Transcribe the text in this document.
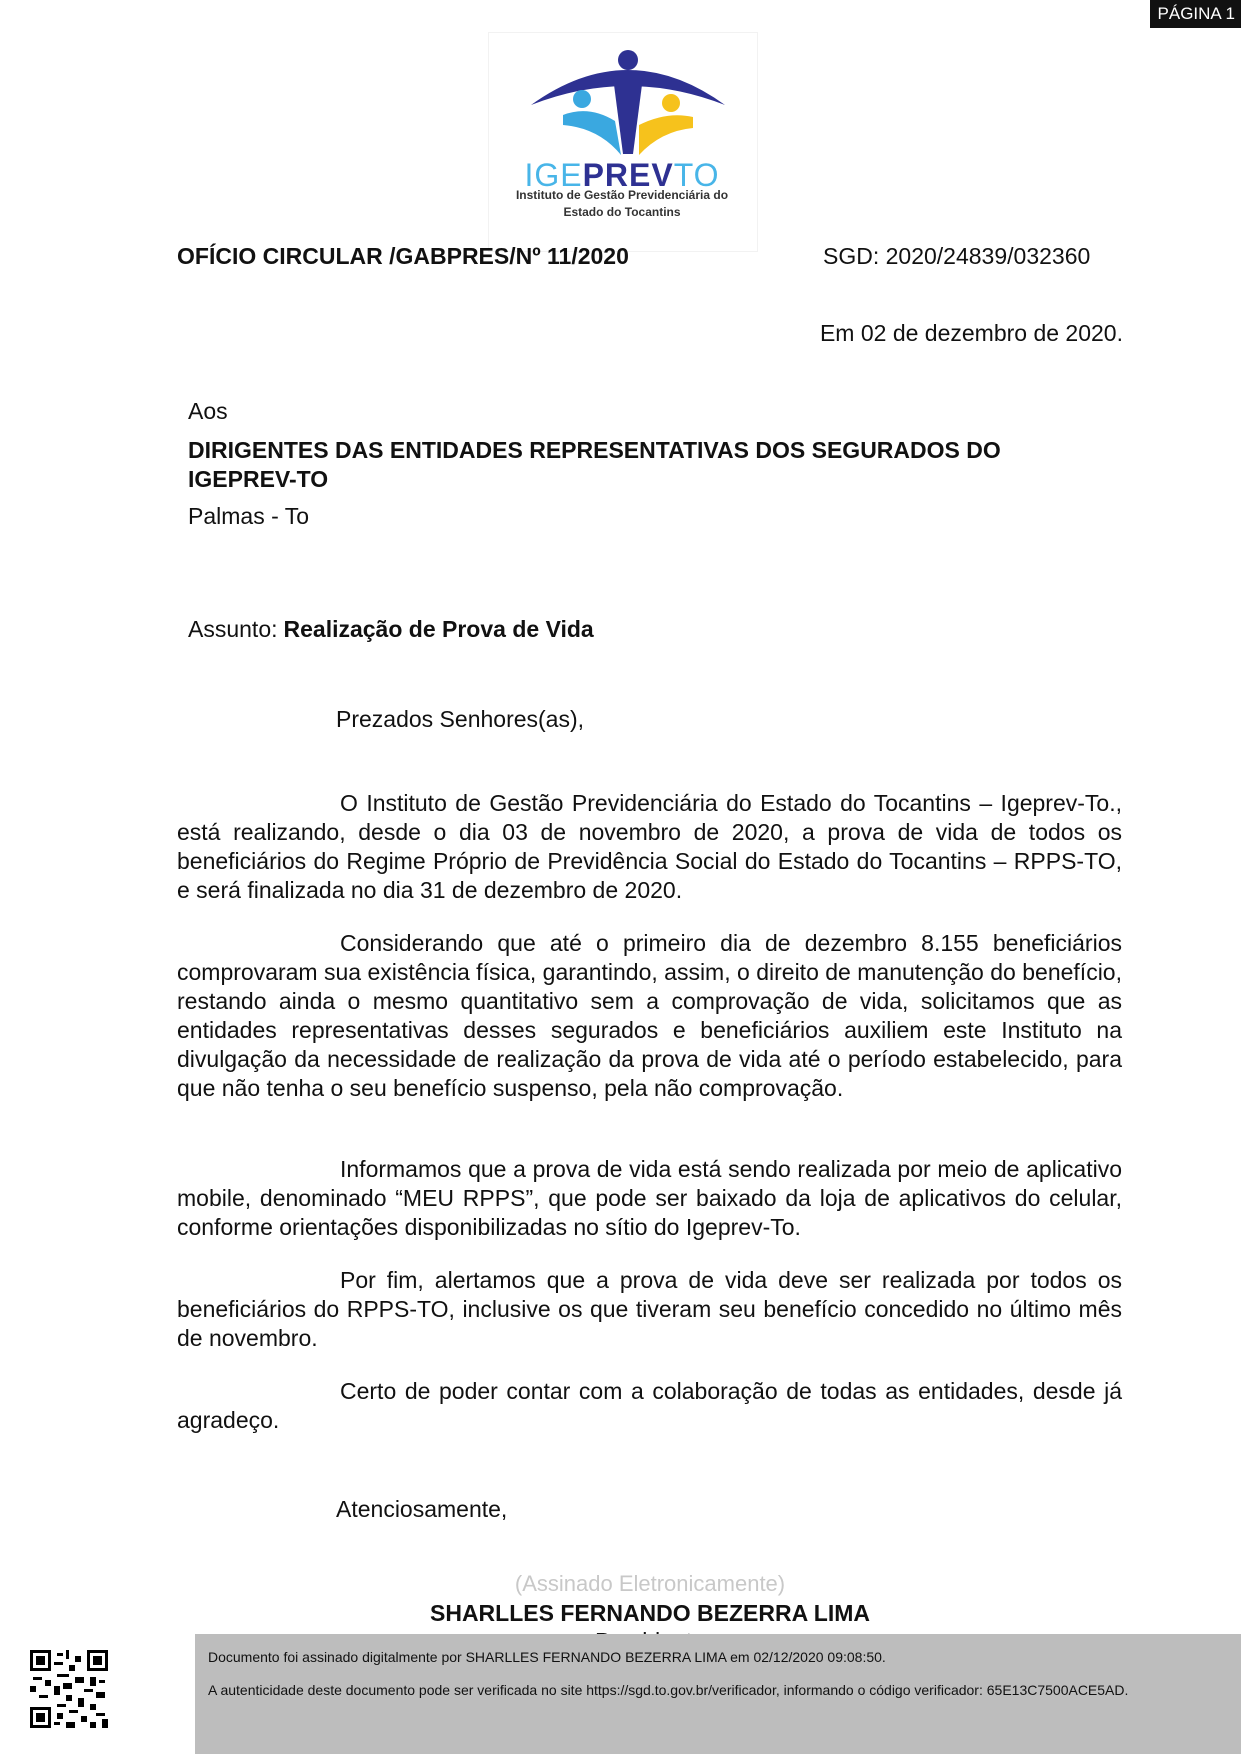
PÁGINA 1
IGEPREVTO
Instituto de Gestão Previdenciária do
Estado do Tocantins
OFÍCIO CIRCULAR /GABPRES/Nº 11/2020	SGD: 2020/24839/032360
Em 02 de dezembro de 2020.
Aos
DIRIGENTES DAS ENTIDADES REPRESENTATIVAS DOS SEGURADOS DO IGEPREV-TO
Palmas - To
Assunto: Realização de Prova de Vida
Prezados Senhores(as),

O Instituto de Gestão Previdenciária do Estado do Tocantins – Igeprev-To., está realizando, desde o dia 03 de novembro de 2020, a prova de vida de todos os beneficiários do Regime Próprio de Previdência Social do Estado do Tocantins – RPPS-TO, e será finalizada no dia 31 de dezembro de 2020.

Considerando que até o primeiro dia de dezembro 8.155 beneficiários comprovaram sua existência física, garantindo, assim, o direito de manutenção do benefício, restando ainda o mesmo quantitativo sem a comprovação de vida, solicitamos que as entidades representativas desses segurados e beneficiários auxiliem este Instituto na divulgação da necessidade de realização da prova de vida até o período estabelecido, para que não tenha o seu benefício suspenso, pela não comprovação.

Informamos que a prova de vida está sendo realizada por meio de aplicativo mobile, denominado “MEU RPPS”, que pode ser baixado da loja de aplicativos do celular, conforme orientações disponibilizadas no sítio do Igeprev-To.

Por fim, alertamos que a prova de vida deve ser realizada por todos os beneficiários do RPPS-TO, inclusive os que tiveram seu benefício concedido no último mês de novembro.

Certo de poder contar com a colaboração de todas as entidades, desde já agradeço.

Atenciosamente,
(Assinado Eletronicamente)
SHARLLES FERNANDO BEZERRA LIMA
Documento foi assinado digitalmente por SHARLLES FERNANDO BEZERRA LIMA em 02/12/2020 09:08:50.
A autenticidade deste documento pode ser verificada no site https://sgd.to.gov.br/verificador, informando o código verificador: 65E13C7500ACE5AD.
